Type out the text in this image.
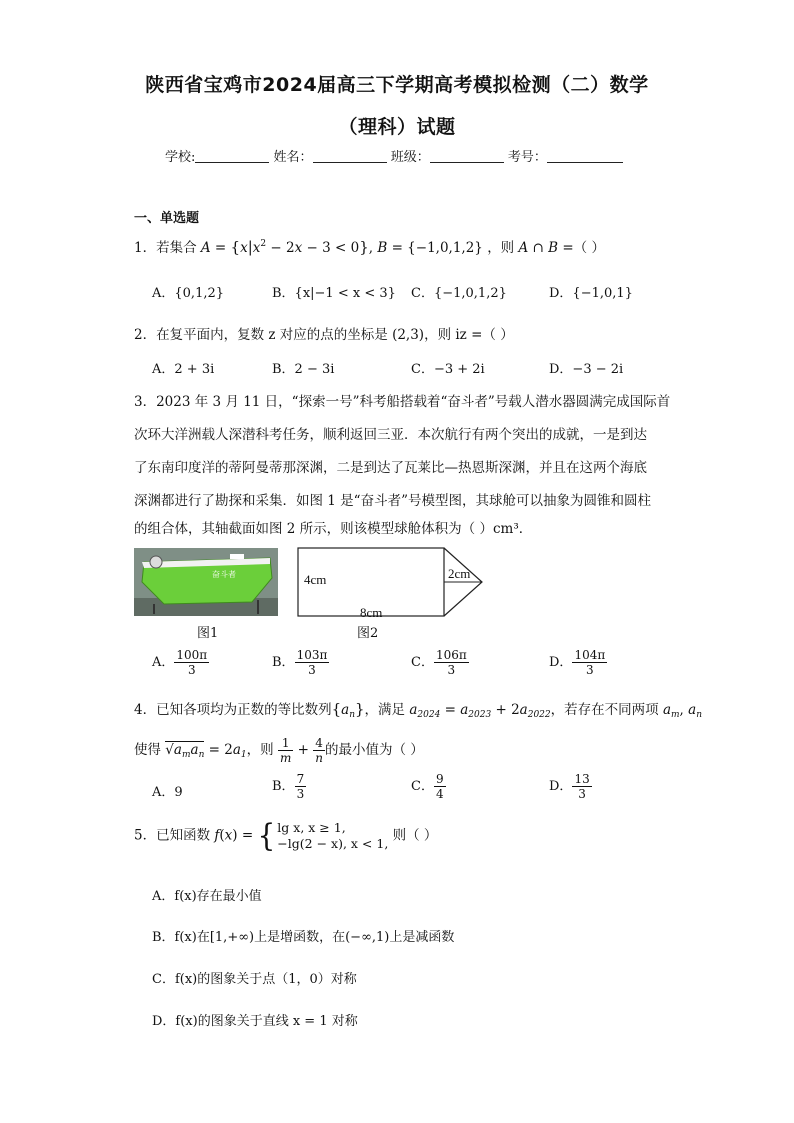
陕西省宝鸡市2024届高三下学期高考模拟检测（二）数学
（理科）试题
学校:	姓名：	班级：	考号：
一、单选题
1．若集合 $A = \{x|x^2 - 2x - 3 < 0\}$, B = {−1,0,1,2} ，则 A ∩ B =（ ）
A．{0,1,2}	B．{x|−1 < x < 3} C．{−1,0,1,2}	D．{−1,0,1}
2．在复平面内，复数 z 对应的点的坐标是 (2,3)，则 iz =（ ）
A．2 + 3i	B．2 − 3i	C．−3 + 2i	D．−3 − 2i
3．2023 年 3 月 11 日，“探索一号”科考船搭载着“奋斗者”号载人潜水器圆满完成国际首
次环大洋洲载人深潜科考任务，顺利返回三亚．本次航行有两个突出的成就，一是到达
了东南印度洋的蒂阿曼蒂那深渊，二是到达了瓦莱比—热恩斯深渊，并且在这两个海底
深渊都进行了勘探和采集．如图 1 是“奋斗者”号模型图，其球舱可以抽象为圆锥和圆柱
的组合体，其轴截面如图 2 所示，则该模型球舱体积为（ ）cm³．
奋斗者
图1
4cm
8cm
2cm
图2
A． $\frac{100\pi}{3}$	B． $\frac{103\pi}{3}$	C． $\frac{106\pi}{3}$	D． $\frac{104\pi}{3}$
4．已知各项均为正数的等比数列$\{a_n\}$，满足 $a_{2024} = a_{2023} + 2a_{2022}$，若存在不同两项 $a_m$, $a_n$
使得 $√a_ma_n = 2a_1$，则 $\frac{1}{m} + \frac{4}{n}$ 的最小值为（ ）
A．9	B． $\frac{7}{3}$	C． $\frac{9}{4}$	D． $\frac{13}{3}$
5．已知函数 f(x) = { lg x, x ≥ 1,
−lg(2 − x), x < 1, 则（ ）
A．f(x)存在最小值
B．f(x)在[1,+∞)上是增函数，在(−∞,1)上是减函数
C．f(x)的图象关于点（1，0）对称
D．f(x)的图象关于直线 x = 1 对称
